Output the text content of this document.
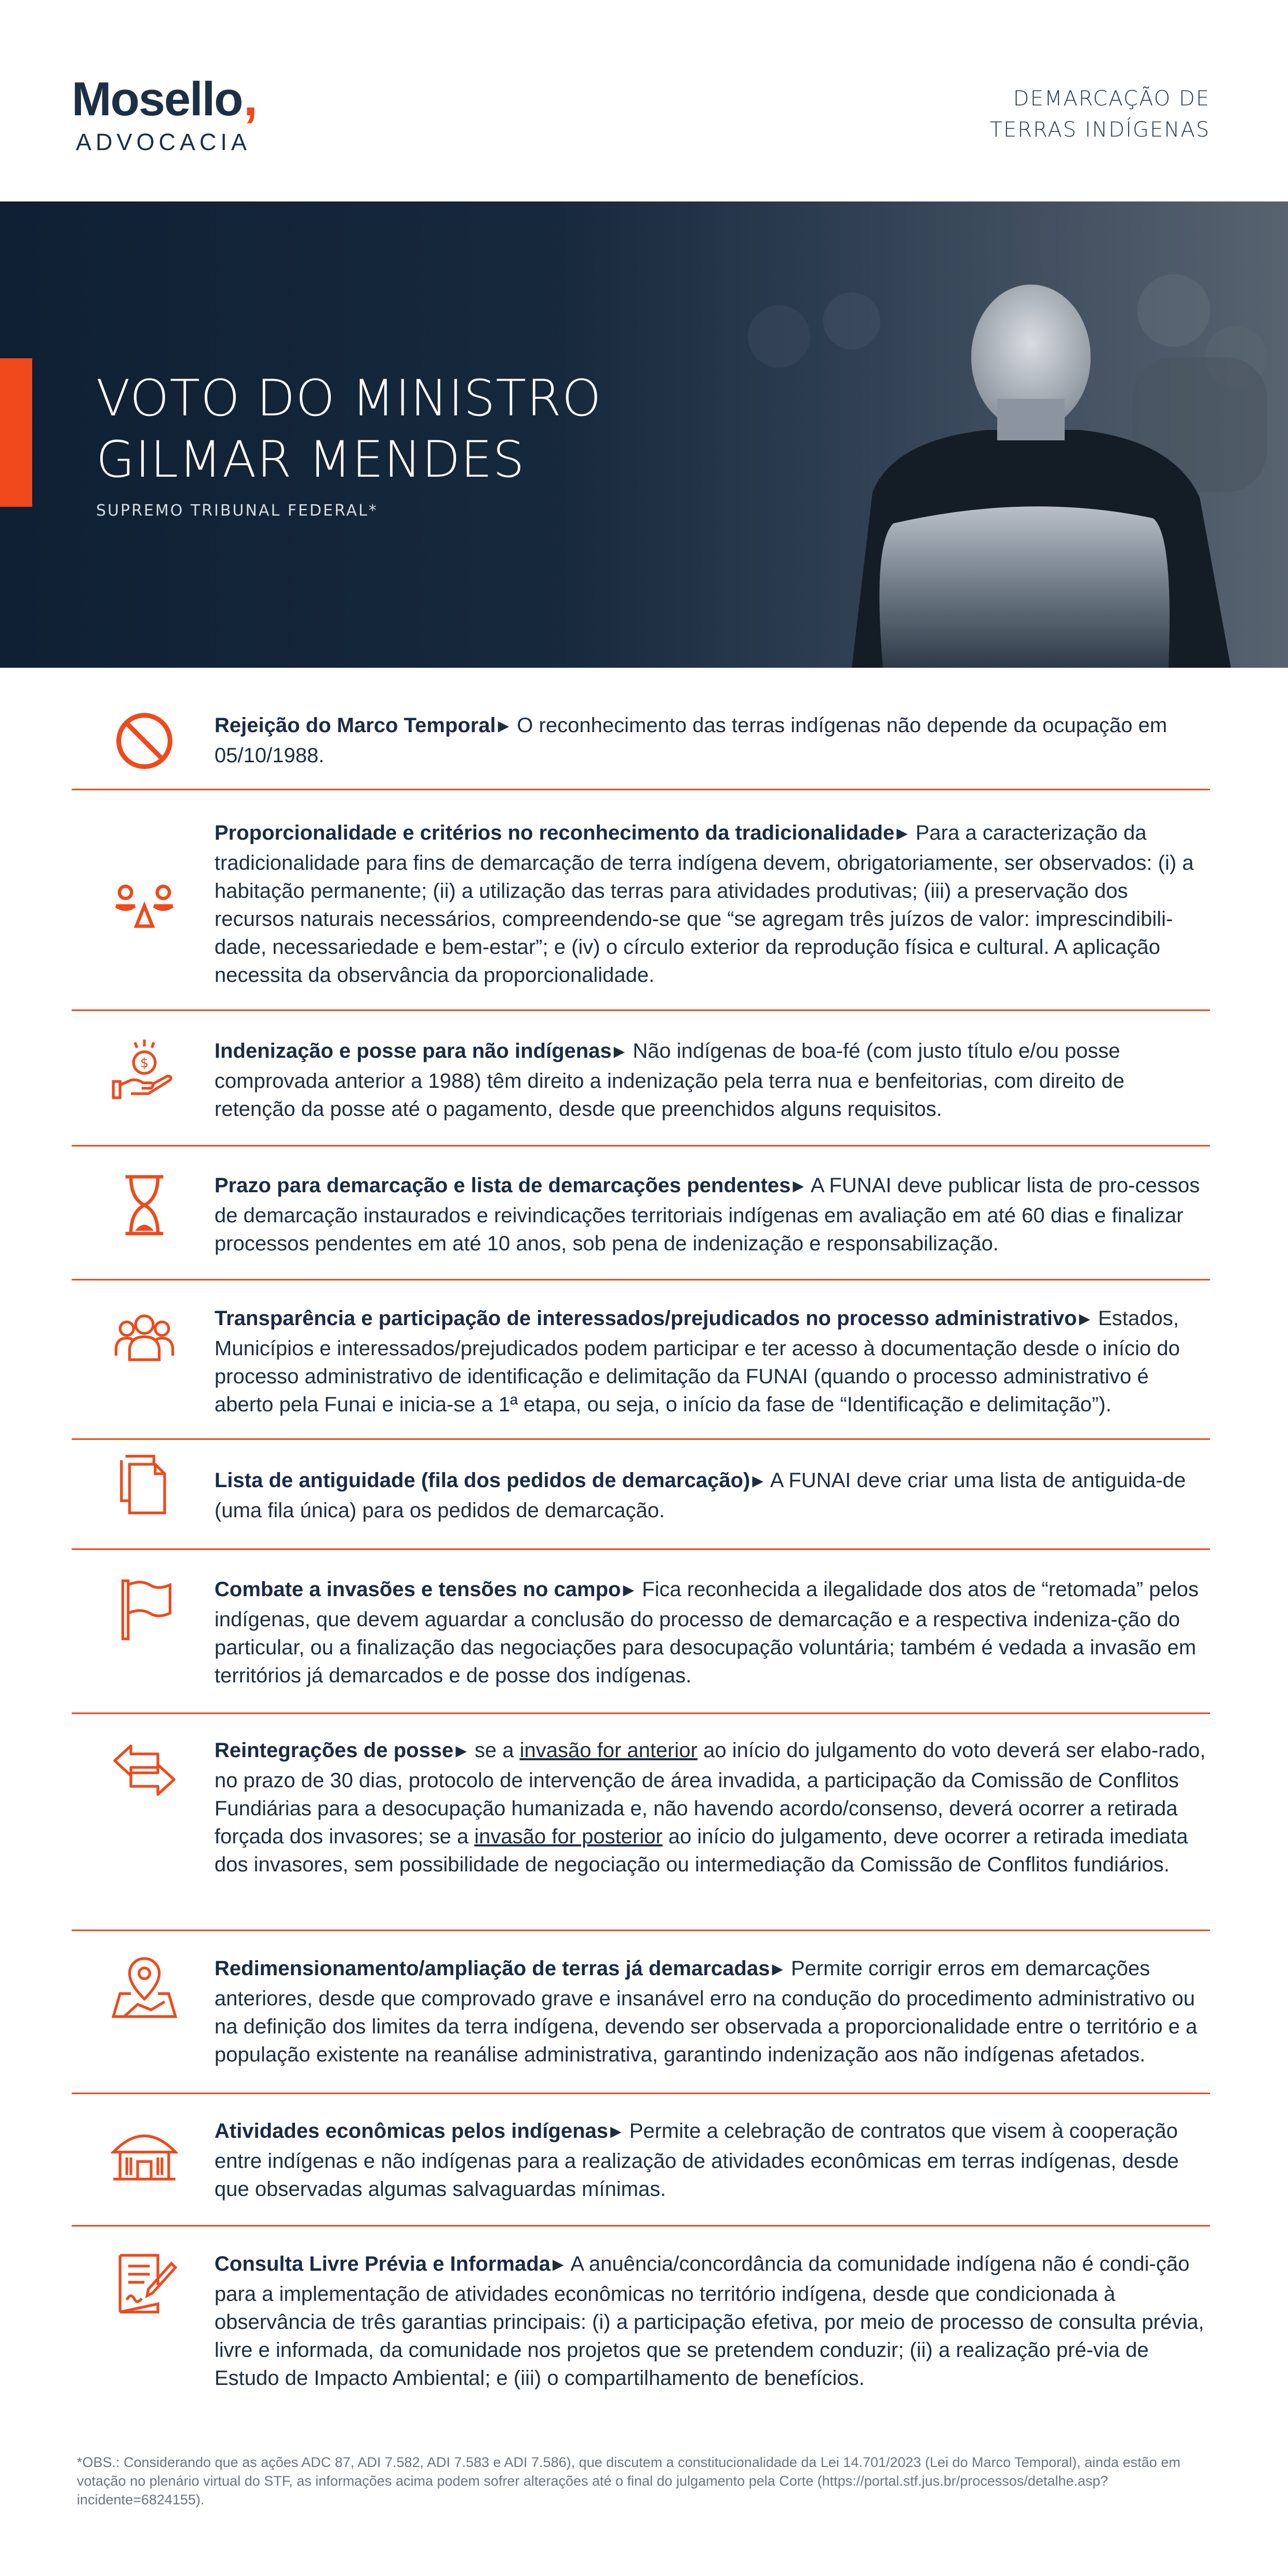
Mosello,
ADVOCACIA
DEMARCAÇÃO DE
TERRAS INDÍGENAS
VOTO DO MINISTRO
GILMAR MENDES
SUPREMO TRIBUNAL FEDERAL*
Rejeição do Marco Temporal ▶ O reconhecimento das terras indígenas não depende da ocupação em 05/10/1988.
Proporcionalidade e critérios no reconhecimento da tradicionalidade ▶ Para a caracterização da tradicionalidade para fins de demarcação de terra indígena devem, obrigatoriamente, ser observados: (i) a habitação permanente; (ii) a utilização das terras para atividades produtivas; (iii) a preservação dos recursos naturais necessários, compreendendo-se que “se agregam três juízos de valor: imprescindibili-dade, necessariedade e bem-estar”; e (iv) o círculo exterior da reprodução física e cultural. A aplicação necessita da observância da proporcionalidade.
$
Indenização e posse para não indígenas ▶ Não indígenas de boa-fé (com justo título e/ou posse comprovada anterior a 1988) têm direito a indenização pela terra nua e benfeitorias, com direito de retenção da posse até o pagamento, desde que preenchidos alguns requisitos.
Prazo para demarcação e lista de demarcações pendentes ▶ A FUNAI deve publicar lista de pro-cessos de demarcação instaurados e reivindicações territoriais indígenas em avaliação em até 60 dias e finalizar processos pendentes em até 10 anos, sob pena de indenização e responsabilização.
Transparência e participação de interessados/prejudicados no processo administrativo ▶ Estados, Municípios e interessados/prejudicados podem participar e ter acesso à documentação desde o início do processo administrativo de identificação e delimitação da FUNAI (quando o processo administrativo é aberto pela Funai e inicia-se a 1ª etapa, ou seja, o início da fase de “Identificação e delimitação”).
Lista de antiguidade (fila dos pedidos de demarcação) ▶ A FUNAI deve criar uma lista de antiguida-de (uma fila única) para os pedidos de demarcação.
Combate a invasões e tensões no campo ▶ Fica reconhecida a ilegalidade dos atos de “retomada” pelos indígenas, que devem aguardar a conclusão do processo de demarcação e a respectiva indeniza-ção do particular, ou a finalização das negociações para desocupação voluntária; também é vedada a invasão em territórios já demarcados e de posse dos indígenas.
Reintegrações de posse ▶ se a invasão for anterior ao início do julgamento do voto deverá ser elabo-rado, no prazo de 30 dias, protocolo de intervenção de área invadida, a participação da Comissão de Conflitos Fundiárias para a desocupação humanizada e, não havendo acordo/consenso, deverá ocorrer a retirada forçada dos invasores; se a invasão for posterior ao início do julgamento, deve ocorrer a retirada imediata dos invasores, sem possibilidade de negociação ou intermediação da Comissão de Conflitos fundiários.
Redimensionamento/ampliação de terras já demarcadas ▶ Permite corrigir erros em demarcações anteriores, desde que comprovado grave e insanável erro na condução do procedimento administrativo ou na definição dos limites da terra indígena, devendo ser observada a proporcionalidade entre o território e a população existente na reanálise administrativa, garantindo indenização aos não indígenas afetados.
Atividades econômicas pelos indígenas ▶ Permite a celebração de contratos que visem à cooperação entre indígenas e não indígenas para a realização de atividades econômicas em terras indígenas, desde que observadas algumas salvaguardas mínimas.
Consulta Livre Prévia e Informada ▶ A anuência/concordância da comunidade indígena não é condi-ção para a implementação de atividades econômicas no território indígena, desde que condicionada à observância de três garantias principais: (i) a participação efetiva, por meio de processo de consulta prévia, livre e informada, da comunidade nos projetos que se pretendem conduzir; (ii) a realização pré-via de Estudo de Impacto Ambiental; e (iii) o compartilhamento de benefícios.
*OBS.: Considerando que as ações ADC 87, ADI 7.582, ADI 7.583 e ADI 7.586), que discutem a constitucionalidade da Lei 14.701/2023 (Lei do Marco Temporal), ainda estão em votação no plenário virtual do STF, as informações acima podem sofrer alterações até o final do julgamento pela Corte (https://portal.stf.jus.br/processos/detalhe.asp?incidente=6824155).
